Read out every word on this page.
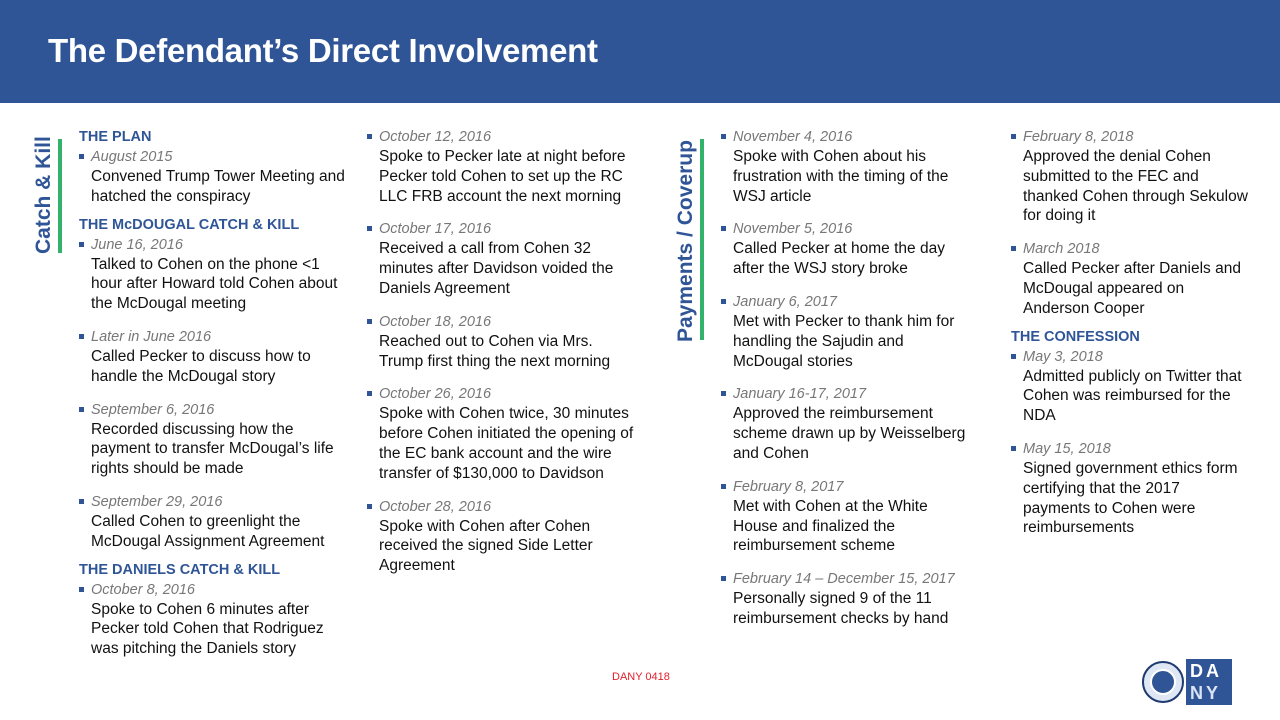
The Defendant’s Direct Involvement
Catch & Kill	Payments / Coverup
THE PLAN
August 2015
Convened Trump Tower Meeting and hatched the conspiracy
THE McDOUGAL CATCH & KILL
June 16, 2016
Talked to Cohen on the phone <1 hour after Howard told Cohen about the McDougal meeting
Later in June 2016
Called Pecker to discuss how to handle the McDougal story
September 6, 2016
Recorded discussing how the payment to transfer McDougal’s life rights should be made
September 29, 2016
Called Cohen to greenlight the McDougal Assignment Agreement
THE DANIELS CATCH & KILL
October 8, 2016
Spoke to Cohen 6 minutes after Pecker told Cohen that Rodriguez was pitching the Daniels story
October 12, 2016
Spoke to Pecker late at night before Pecker told Cohen to set up the RC LLC FRB account the next morning
October 17, 2016
Received a call from Cohen 32 minutes after Davidson voided the Daniels Agreement
October 18, 2016
Reached out to Cohen via Mrs. Trump first thing the next morning
October 26, 2016
Spoke with Cohen twice, 30 minutes before Cohen initiated the opening of the EC bank account and the wire transfer of $130,000 to Davidson
October 28, 2016
Spoke with Cohen after Cohen received the signed Side Letter Agreement
November 4, 2016
Spoke with Cohen about his frustration with the timing of the WSJ article
November 5, 2016
Called Pecker at home the day after the WSJ story broke
January 6, 2017
Met with Pecker to thank him for handling the Sajudin and McDougal stories
January 16-17, 2017
Approved the reimbursement scheme drawn up by Weisselberg and Cohen
February 8, 2017
Met with Cohen at the White House and finalized the reimbursement scheme
February 14 – December 15, 2017
Personally signed 9 of the 11 reimbursement checks by hand
February 8, 2018
Approved the denial Cohen submitted to the FEC and thanked Cohen through Sekulow for doing it
March 2018
Called Pecker after Daniels and McDougal appeared on Anderson Cooper
THE CONFESSION
May 3, 2018
Admitted publicly on Twitter that Cohen was reimbursed for the NDA
May 15, 2018
Signed government ethics form certifying that the 2017 payments to Cohen were reimbursements
DANY 0418	DA
NY
